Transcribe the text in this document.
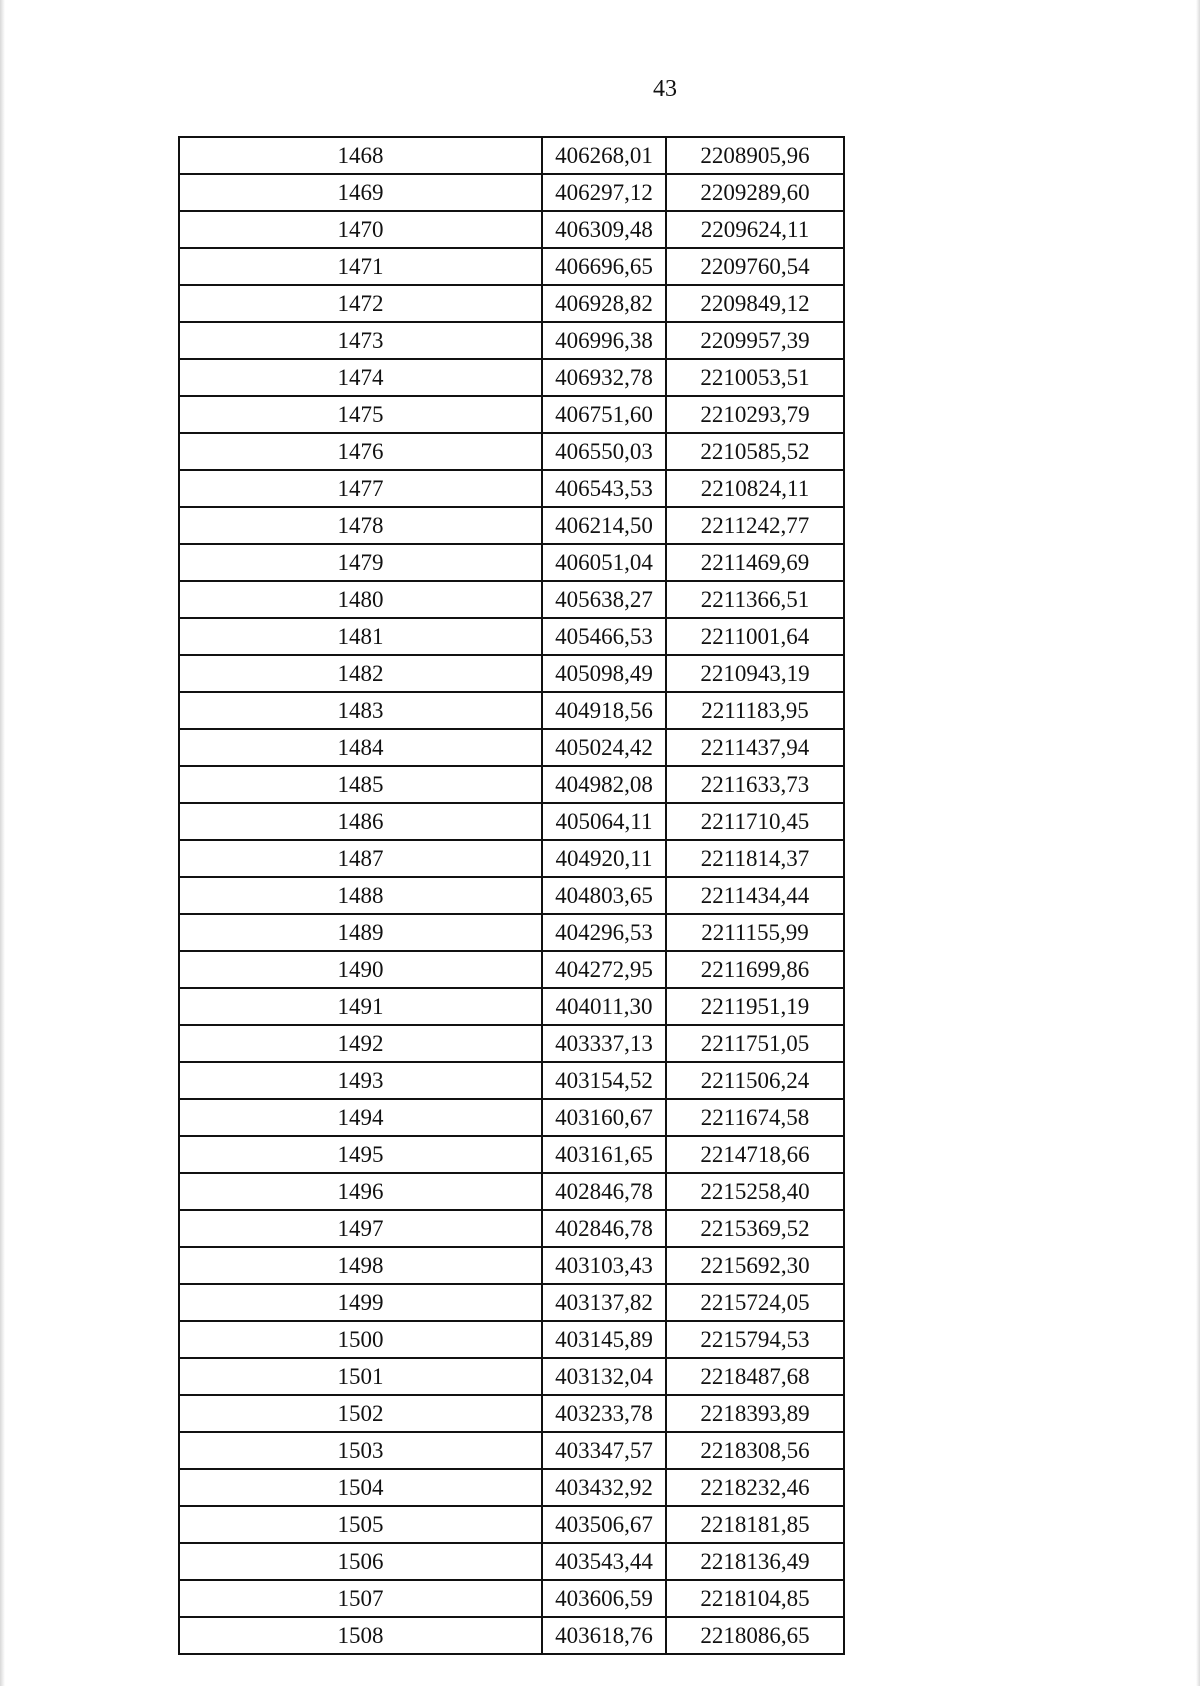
43
1468	406268,01	2208905,96
1469	406297,12	2209289,60
1470	406309,48	2209624,11
1471	406696,65	2209760,54
1472	406928,82	2209849,12
1473	406996,38	2209957,39
1474	406932,78	2210053,51
1475	406751,60	2210293,79
1476	406550,03	2210585,52
1477	406543,53	2210824,11
1478	406214,50	2211242,77
1479	406051,04	2211469,69
1480	405638,27	2211366,51
1481	405466,53	2211001,64
1482	405098,49	2210943,19
1483	404918,56	2211183,95
1484	405024,42	2211437,94
1485	404982,08	2211633,73
1486	405064,11	2211710,45
1487	404920,11	2211814,37
1488	404803,65	2211434,44
1489	404296,53	2211155,99
1490	404272,95	2211699,86
1491	404011,30	2211951,19
1492	403337,13	2211751,05
1493	403154,52	2211506,24
1494	403160,67	2211674,58
1495	403161,65	2214718,66
1496	402846,78	2215258,40
1497	402846,78	2215369,52
1498	403103,43	2215692,30
1499	403137,82	2215724,05
1500	403145,89	2215794,53
1501	403132,04	2218487,68
1502	403233,78	2218393,89
1503	403347,57	2218308,56
1504	403432,92	2218232,46
1505	403506,67	2218181,85
1506	403543,44	2218136,49
1507	403606,59	2218104,85
1508	403618,76	2218086,65
